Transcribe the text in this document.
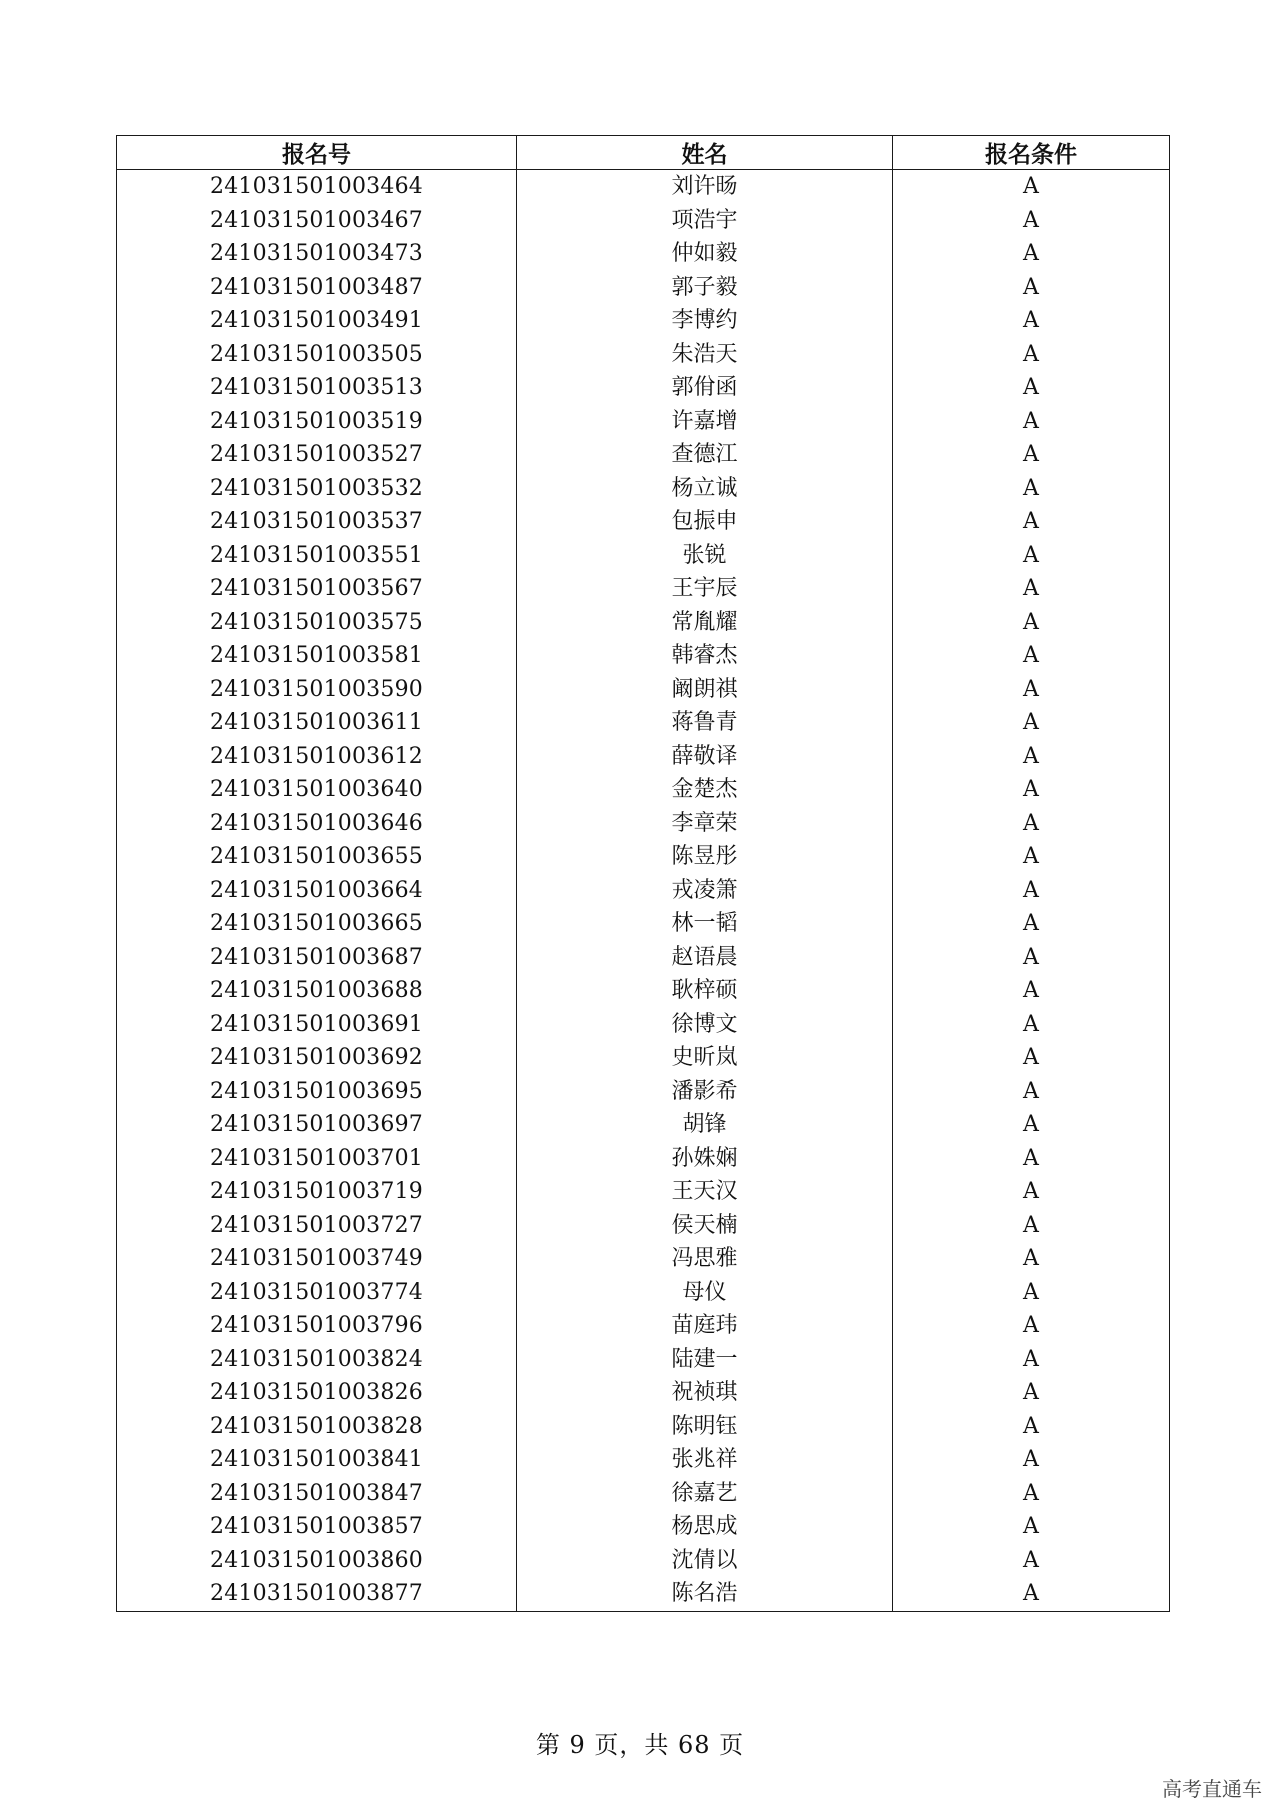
报名号	姓名	报名条件
241031501003464	刘许旸	A
241031501003467	项浩宇	A
241031501003473	仲如毅	A
241031501003487	郭子毅	A
241031501003491	李博约	A
241031501003505	朱浩天	A
241031501003513	郭佾函	A
241031501003519	许嘉增	A
241031501003527	查德江	A
241031501003532	杨立诚	A
241031501003537	包振申	A
241031501003551	张锐	A
241031501003567	王宇辰	A
241031501003575	常胤耀	A
241031501003581	韩睿杰	A
241031501003590	阚朗祺	A
241031501003611	蒋鲁青	A
241031501003612	薛敬译	A
241031501003640	金楚杰	A
241031501003646	李章荣	A
241031501003655	陈昱彤	A
241031501003664	戎凌箫	A
241031501003665	林一韬	A
241031501003687	赵语晨	A
241031501003688	耿梓硕	A
241031501003691	徐博文	A
241031501003692	史昕岚	A
241031501003695	潘影希	A
241031501003697	胡锋	A
241031501003701	孙姝娴	A
241031501003719	王天汉	A
241031501003727	侯天楠	A
241031501003749	冯思雅	A
241031501003774	母仪	A
241031501003796	苗庭玮	A
241031501003824	陆建一	A
241031501003826	祝祯琪	A
241031501003828	陈明钰	A
241031501003841	张兆祥	A
241031501003847	徐嘉艺	A
241031501003857	杨思成	A
241031501003860	沈倩以	A
241031501003877	陈名浩	A
第 9 页，共 68 页
高考直通车
